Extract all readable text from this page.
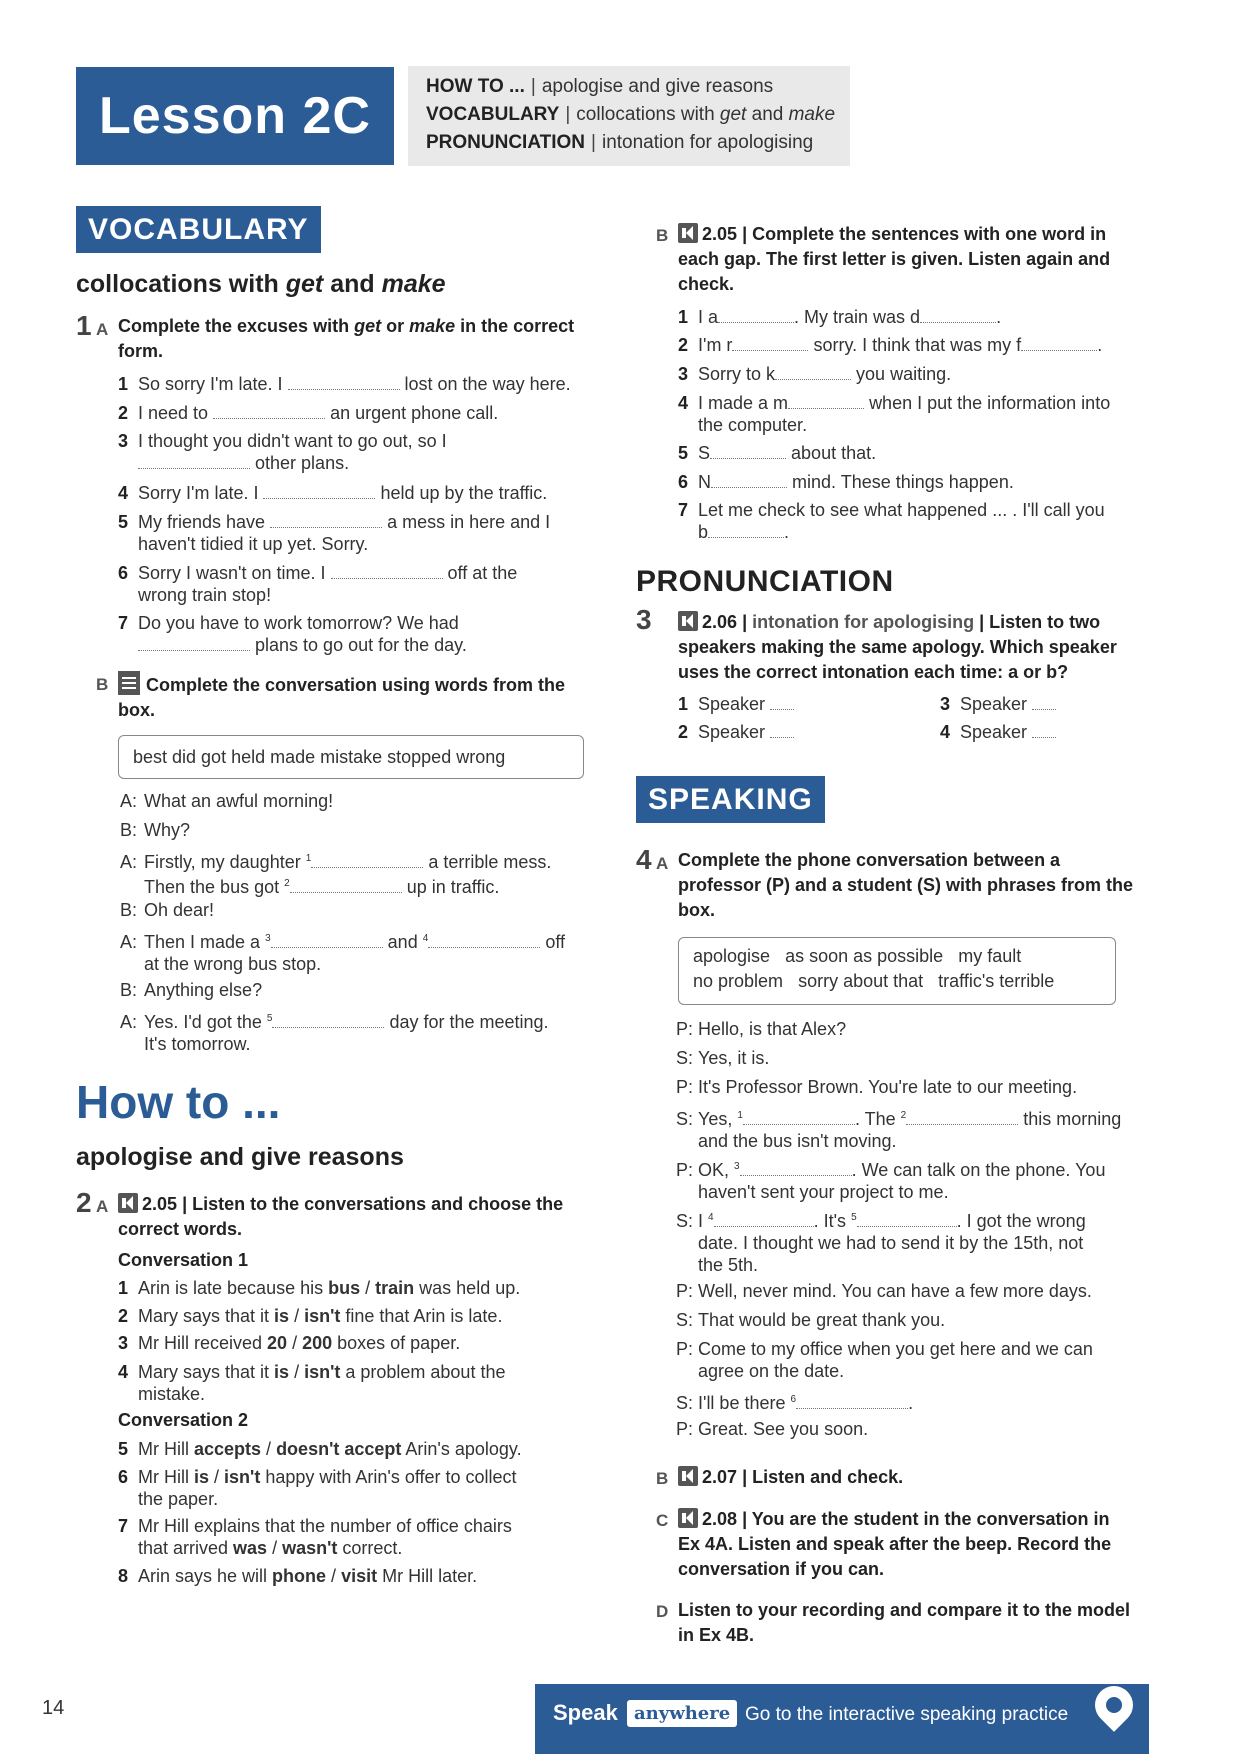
Lesson 2C
HOW TO ... | apologise and give reasons
VOCABULARY | collocations with get and make
PRONUNCIATION | intonation for apologising
VOCABULARY
collocations with get and make
1 A Complete the excuses with get or make in the correct
form.
1 So sorry I'm late. I	lost on the way here.
2 I need to	an urgent phone call.
3 I thought you didn't want to go out, so I
other plans.
4 Sorry I'm late. I	held up by the traffic.
5 My friends have	a mess in here and I
haven't tidied it up yet. Sorry.
6 Sorry I wasn't on time. I	off at the
wrong train stop!
7 Do you have to work tomorrow? We had
plans to go out for the day.
B	Complete the conversation using words from the
box.
best did got held made mistake stopped wrong
A: What an awful morning!
B: Why?
A: Firstly, my daughter $^1$	a terrible mess.
Then the bus got $^2$	up in traffic.
B: Oh dear!
A: Then I made a $^3$	and $^4$	off
at the wrong bus stop.
B: Anything else?
A: Yes. I'd got the $^5$	day for the meeting.
It's tomorrow.
How to ...
apologise and give reasons
2 A	2.05 | Listen to the conversations and choose the
correct words.
Conversation 1
1 Arin is late because his bus / train was held up.
2 Mary says that it is / isn't fine that Arin is late.
3 Mr Hill received 20 / 200 boxes of paper.
4 Mary says that it is / isn't a problem about the
mistake.
Conversation 2
5 Mr Hill accepts / doesn't accept Arin's apology.
6 Mr Hill is / isn't happy with Arin's offer to collect
the paper.
7 Mr Hill explains that the number of office chairs
that arrived was / wasn't correct.
8 Arin says he will phone / visit Mr Hill later.
B	2.05 | Complete the sentences with one word in
each gap. The first letter is given. Listen again and
check.
1 I a	. My train was d	.
2 I'm r	sorry. I think that was my f	.
3 Sorry to k	you waiting.
4 I made a m	when I put the information into
the computer.
5 S	about that.
6 N	mind. These things happen.
7 Let me check to see what happened ... . I'll call you
b	.
PRONUNCIATION
3	2.06 | intonation for apologising | Listen to two
speakers making the same apology. Which speaker
uses the correct intonation each time: a or b?
1 Speaker
2 Speaker
3 Speaker
4 Speaker
SPEAKING
4 A Complete the phone conversation between a
professor (P) and a student (S) with phrases from the
box.
apologise as soon as possible my fault
no problem sorry about that traffic's terrible
P: Hello, is that Alex?
S: Yes, it is.
P: It's Professor Brown. You're late to our meeting.
S: Yes, $^1$	. The $^2$	this morning
and the bus isn't moving.
P: OK, $^3$	. We can talk on the phone. You
haven't sent your project to me.
S: I $^4$	. It's $^5$	. I got the wrong
date. I thought we had to send it by the 15th, not
the 5th.
P: Well, never mind. You can have a few more days.
S: That would be great thank you.
P: Come to my office when you get here and we can
agree on the date.
S: I'll be there $^6$	.
P: Great. See you soon.
B	2.07 | Listen and check.
C	2.08 | You are the student in the conversation in
Ex 4A. Listen and speak after the beep. Record the
conversation if you can.
D Listen to your recording and compare it to the model
in Ex 4B.
14	Speak anywhere Go to the interactive speaking practice
